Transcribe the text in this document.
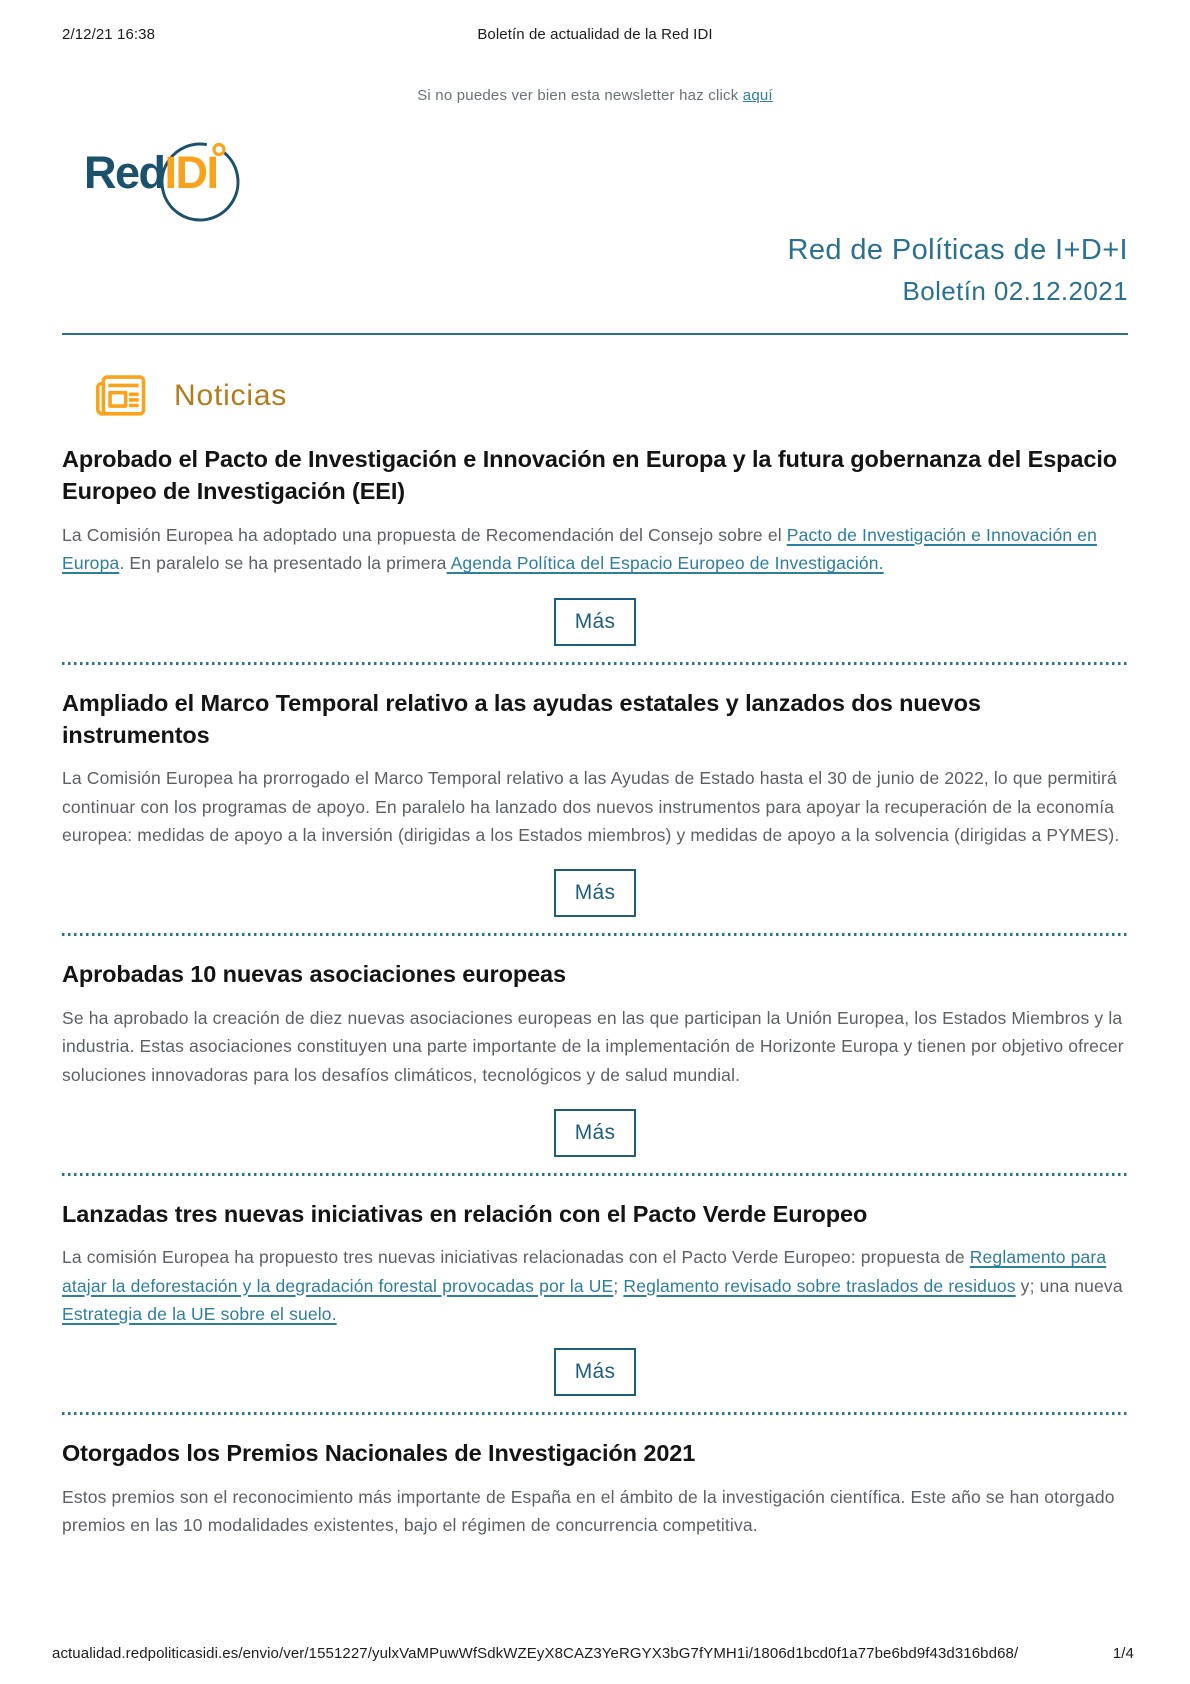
2/12/21 16:38	Boletín de actualidad de la Red IDI
Si no puedes ver bien esta newsletter haz click aquí
RedIDI
Red de Políticas de I+D+I
Boletín 02.12.2021
Noticias
Aprobado el Pacto de Investigación e Innovación en Europa y la futura gobernanza del Espacio Europeo de Investigación (EEI)

La Comisión Europea ha adoptado una propuesta de Recomendación del Consejo sobre el Pacto de Investigación e Innovación en Europa. En paralelo se ha presentado la primera Agenda Política del Espacio Europeo de Investigación.

Más
Ampliado el Marco Temporal relativo a las ayudas estatales y lanzados dos nuevos instrumentos

La Comisión Europea ha prorrogado el Marco Temporal relativo a las Ayudas de Estado hasta el 30 de junio de 2022, lo que permitirá continuar con los programas de apoyo. En paralelo ha lanzado dos nuevos instrumentos para apoyar la recuperación de la economía europea: medidas de apoyo a la inversión (dirigidas a los Estados miembros) y medidas de apoyo a la solvencia (dirigidas a PYMES).

Más
Aprobadas 10 nuevas asociaciones europeas

Se ha aprobado la creación de diez nuevas asociaciones europeas en las que participan la Unión Europea, los Estados Miembros y la industria. Estas asociaciones constituyen una parte importante de la implementación de Horizonte Europa y tienen por objetivo ofrecer soluciones innovadoras para los desafíos climáticos, tecnológicos y de salud mundial.

Más
Lanzadas tres nuevas iniciativas en relación con el Pacto Verde Europeo

La comisión Europea ha propuesto tres nuevas iniciativas relacionadas con el Pacto Verde Europeo: propuesta de Reglamento para atajar la deforestación y la degradación forestal provocadas por la UE; Reglamento revisado sobre traslados de residuos y; una nueva Estrategia de la UE sobre el suelo.

Más
Otorgados los Premios Nacionales de Investigación 2021

Estos premios son el reconocimiento más importante de España en el ámbito de la investigación científica. Este año se han otorgado premios en las 10 modalidades existentes, bajo el régimen de concurrencia competitiva.

actualidad.redpoliticasidi.es/envio/ver/1551227/yulxVaMPuwWfSdkWZEyX8CAZ3YeRGYX3bG7fYMH1i/1806d1bcd0f1a77be6bd9f43d316bd68/	1/4
